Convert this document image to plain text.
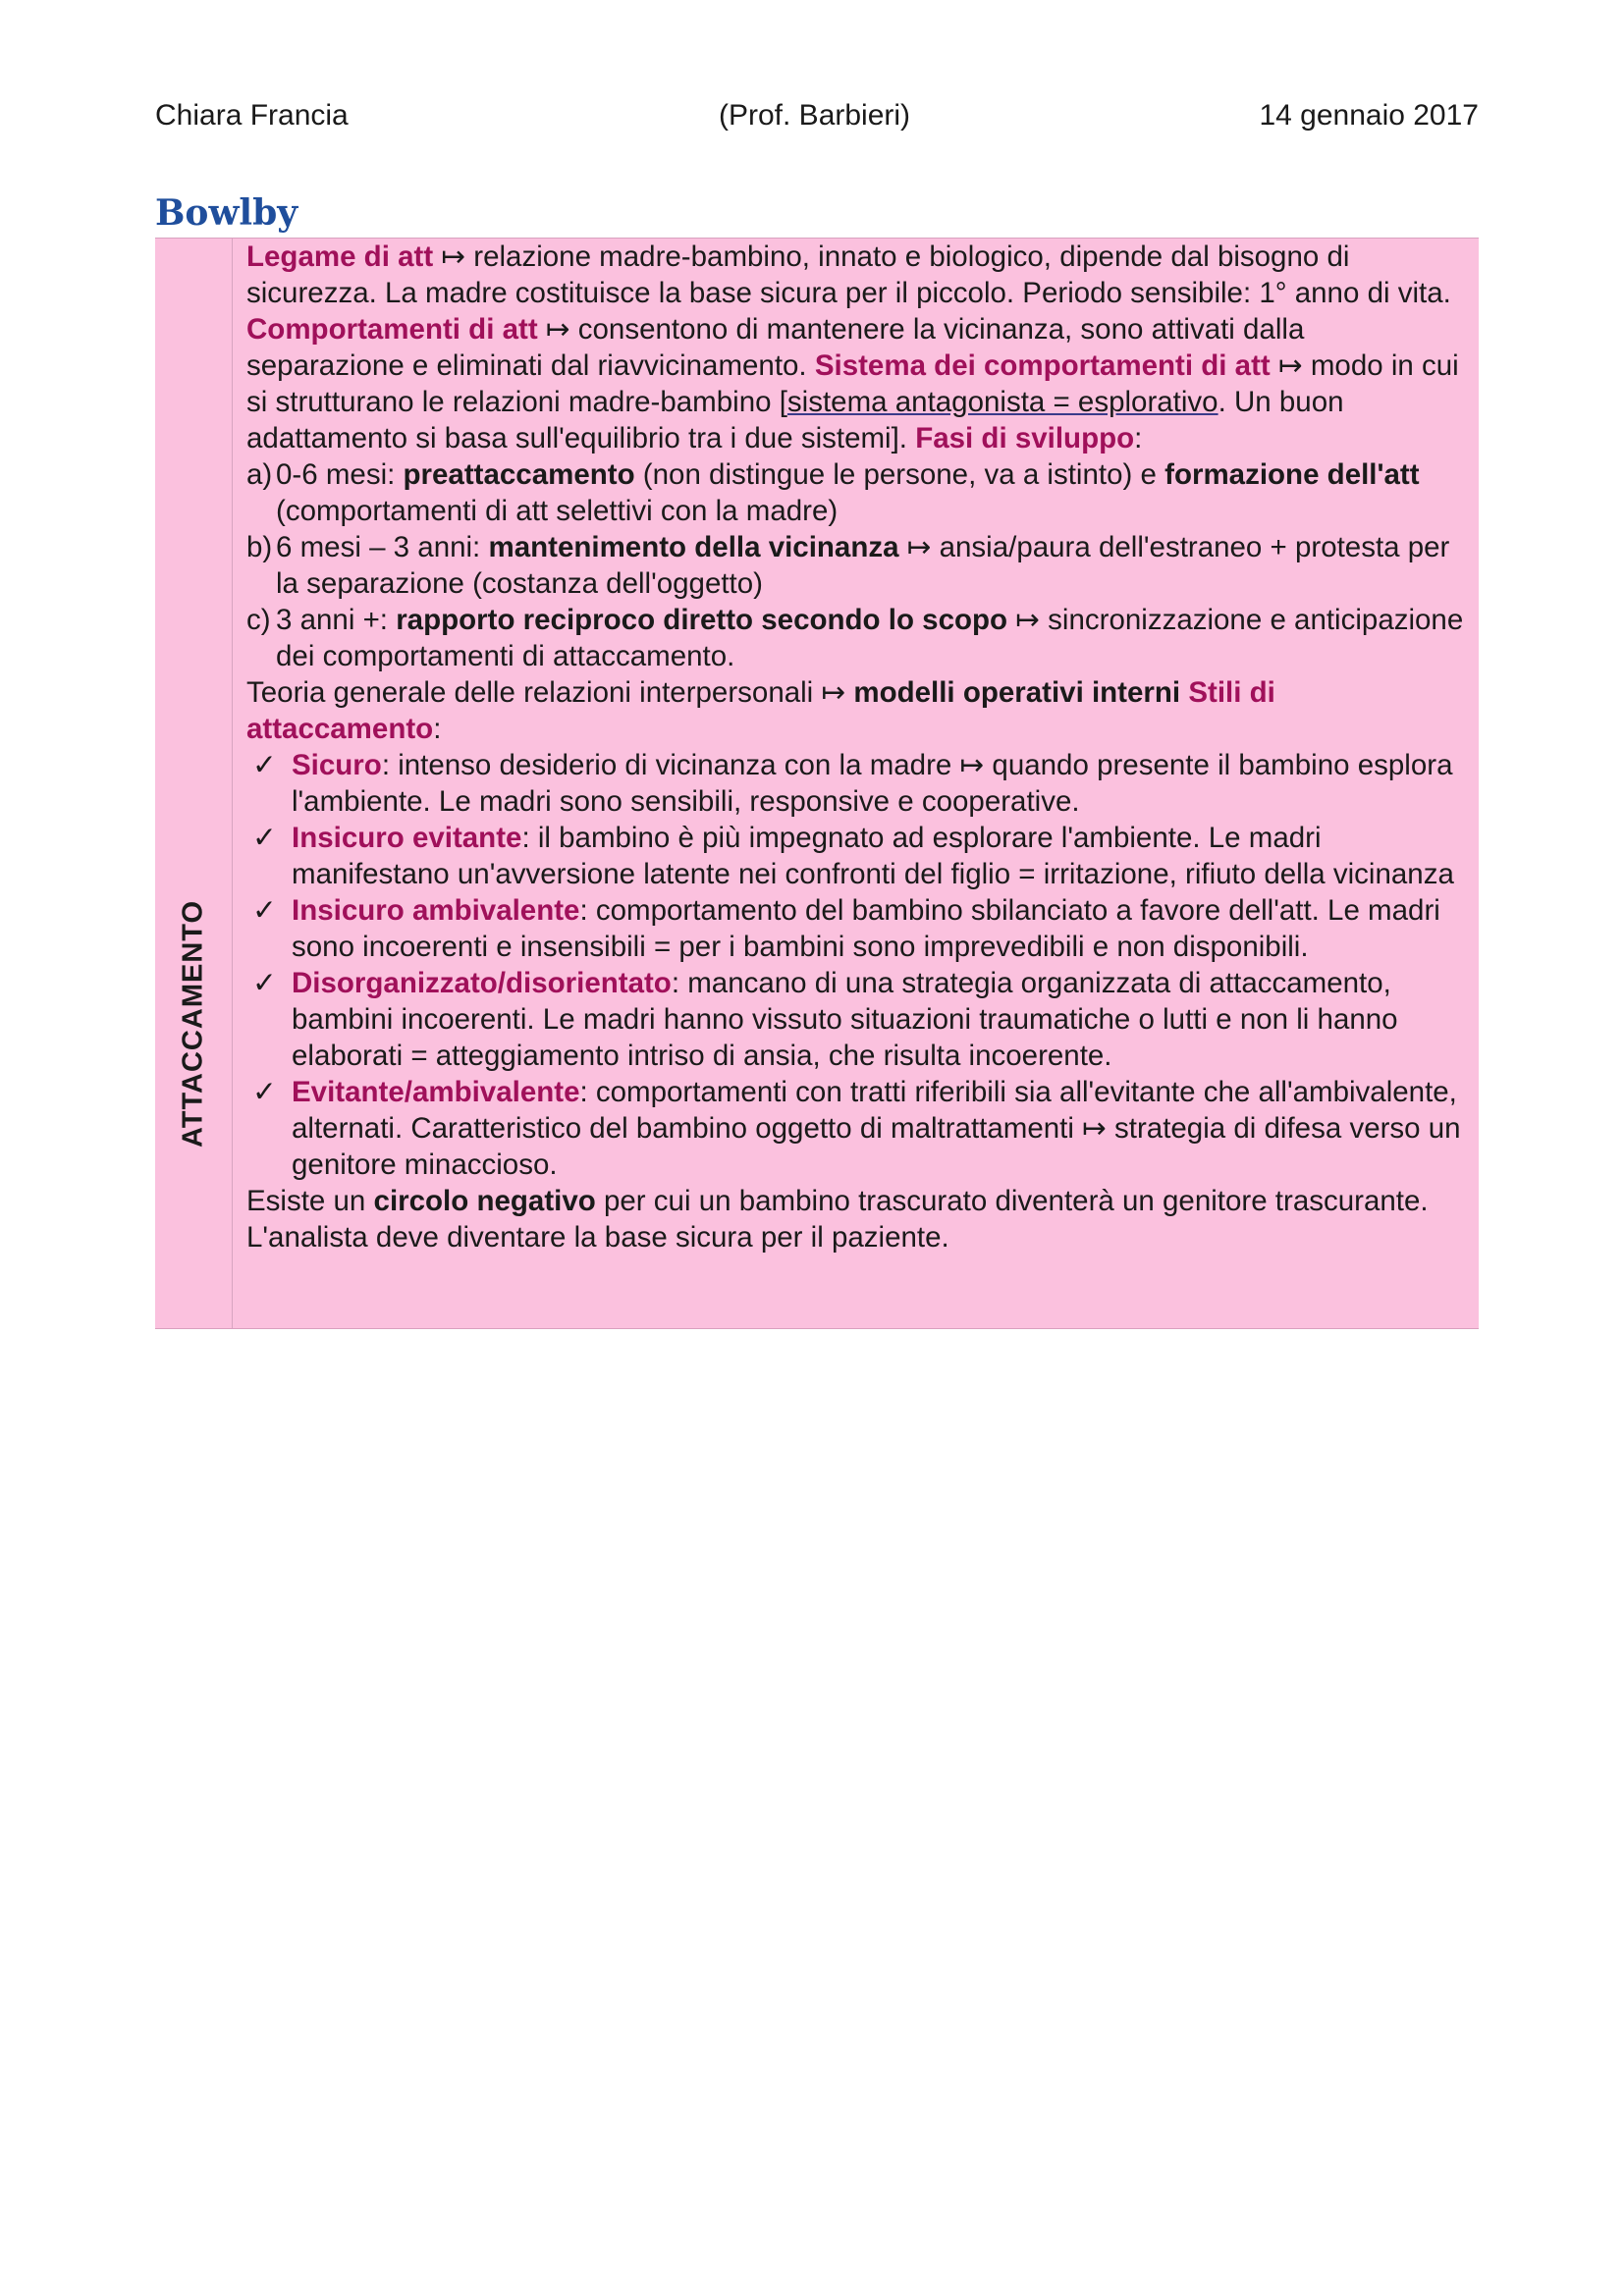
Chiara Francia	(Prof. Barbieri)	14 gennaio 2017
Bowlby
ATTACCAMENTO

Legame di att ↦ relazione madre-bambino, innato e biologico, dipende dal bisogno di sicurezza. La madre costituisce la base sicura per il piccolo. Periodo sensibile: 1° anno di vita. Comportamenti di att ↦ consentono di mantenere la vicinanza, sono attivati dalla separazione e eliminati dal riavvicinamento. Sistema dei comportamenti di att ↦ modo in cui si strutturano le relazioni madre-bambino [sistema antagonista = esplorativo. Un buon adattamento si basa sull'equilibrio tra i due sistemi]. Fasi di sviluppo:

a) 0-6 mesi: preattaccamento (non distingue le persone, va a istinto) e formazione dell'att (comportamenti di att selettivi con la madre)
b) 6 mesi – 3 anni: mantenimento della vicinanza ↦ ansia/paura dell'estraneo + protesta per la separazione (costanza dell'oggetto)
c) 3 anni +: rapporto reciproco diretto secondo lo scopo ↦ sincronizzazione e anticipazione dei comportamenti di attaccamento.

Teoria generale delle relazioni interpersonali ↦ modelli operativi interni Stili di attaccamento:

✓ Sicuro: intenso desiderio di vicinanza con la madre ↦ quando presente il bambino esplora l'ambiente. Le madri sono sensibili, responsive e cooperative.
✓ Insicuro evitante: il bambino è più impegnato ad esplorare l'ambiente. Le madri manifestano un'avversione latente nei confronti del figlio = irritazione, rifiuto della vicinanza
✓ Insicuro ambivalente: comportamento del bambino sbilanciato a favore dell'att. Le madri sono incoerenti e insensibili = per i bambini sono imprevedibili e non disponibili.
✓ Disorganizzato/disorientato: mancano di una strategia organizzata di attaccamento, bambini incoerenti. Le madri hanno vissuto situazioni traumatiche o lutti e non li hanno elaborati = atteggiamento intriso di ansia, che risulta incoerente.
✓ Evitante/ambivalente: comportamenti con tratti riferibili sia all'evitante che all'ambivalente, alternati. Caratteristico del bambino oggetto di maltrattamenti ↦ strategia di difesa verso un genitore minaccioso.

Esiste un circolo negativo per cui un bambino trascurato diventerà un genitore trascurante.

L'analista deve diventare la base sicura per il paziente.
